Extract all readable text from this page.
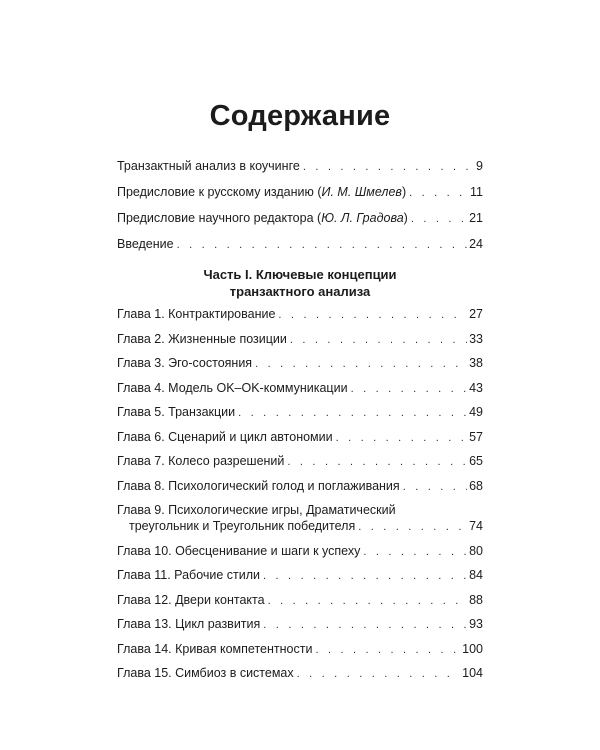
Содержание
Транзактный анализ в коучинге . . .	9
Предисловие к русскому изданию (И. М. Шмелев) . . .	11
Предисловие научного редактора (Ю. Л. Градова) . . .	21
Введение . . .	24
Часть I. Ключевые концепции
транзактного анализа
Глава 1. Контрактирование . . .	27
Глава 2. Жизненные позиции . . .	33
Глава 3. Эго-состояния . . .	38
Глава 4. Модель OK–OK-коммуникации . . .	43
Глава 5. Транзакции . . .	49
Глава 6. Сценарий и цикл автономии . . .	57
Глава 7. Колесо разрешений . . .	65
Глава 8. Психологический голод и поглаживания . . .	68
Глава 9. Психологические игры, Драматический
треугольник и Треугольник победителя . . .	74
Глава 10. Обесценивание и шаги к успеху . . .	80
Глава 11. Рабочие стили . . .	84
Глава 12. Двери контакта . . .	88
Глава 13. Цикл развития . . .	93
Глава 14. Кривая компетентности . . .	100
Глава 15. Симбиоз в системах . . .	104
